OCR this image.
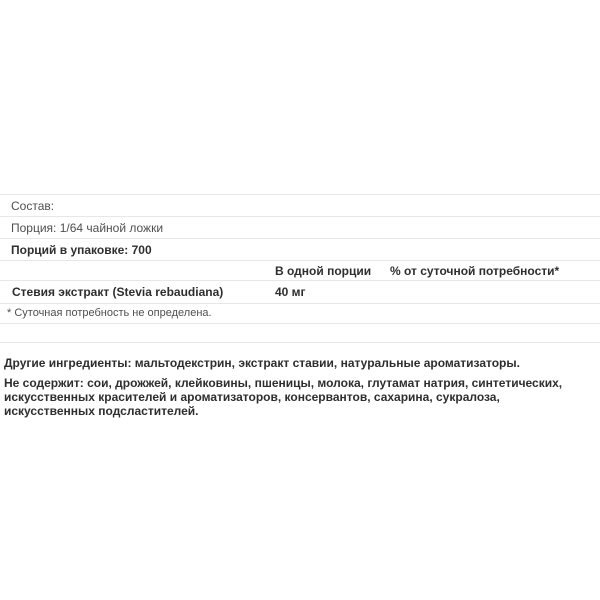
Состав:
Порция: 1/64 чайной ложки
Порций в упаковке: 700
В одной порции	% от суточной потребности*
Стевия экстракт (Stevia rebaudiana)	40 мг
* Суточная потребность не определена.

Другие ингредиенты: мальтодекстрин, экстракт ставии, натуральные ароматизаторы.

Не содержит: сои, дрожжей, клейковины, пшеницы, молока, глутамат натрия, синтетических, искусственных красителей и ароматизаторов, консервантов, сахарина, сукралоза, искусственных подсластителей.
